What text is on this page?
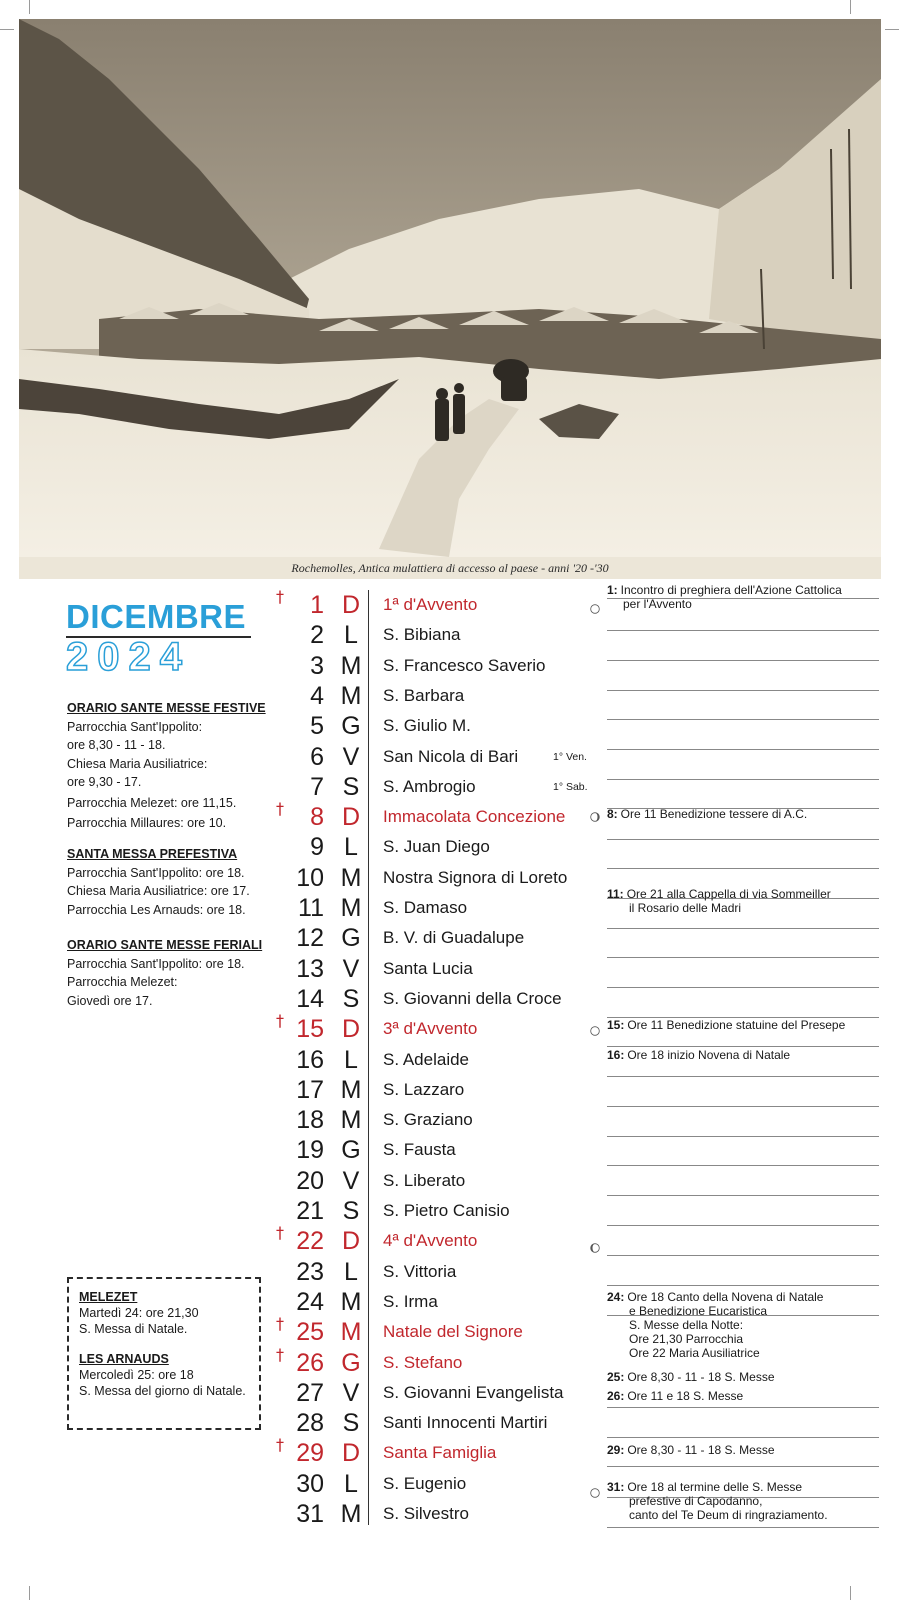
Rochemolles, Antica mulattiera di accesso al paese - anni '20 -'30
DICEMBRE
2024
ORARIO SANTE MESSE FESTIVE
Parrocchia Sant'Ippolito:
ore 8,30 - 11 - 18.
Chiesa Maria Ausiliatrice:
ore 9,30 - 17.
Parrocchia Melezet: ore 11,15.
Parrocchia Millaures: ore 10.
SANTA MESSA PREFESTIVA
Parrocchia Sant'Ippolito: ore 18.
Chiesa Maria Ausiliatrice: ore 17.
Parrocchia Les Arnauds: ore 18.
ORARIO SANTE MESSE FERIALI
Parrocchia Sant'Ippolito: ore 18.
Parrocchia Melezet:
Giovedì ore 17.
MELEZET
Martedì 24: ore 21,30
S. Messa di Natale.
LES ARNAUDS
Mercoledì 25: ore 18
S. Messa del giorno di Natale.
†	1 D	1ª d'Avvento
2 L	S. Bibiana
3 M S. Francesco Saverio
4 M S. Barbara
5 G	S. Giulio M.
6 V	San Nicola di Bari	1° Ven.
7 S	S. Ambrogio	1° Sab.
†	8 D	Immacolata Concezione
9 L	S. Juan Diego
10 M Nostra Signora di Loreto
11 M S. Damaso
12 G	B. V. di Guadalupe
13 V	Santa Lucia
14 S	S. Giovanni della Croce
† 15 D	3ª d'Avvento
16 L	S. Adelaide
17 M S. Lazzaro
18 M S. Graziano
19 G	S. Fausta
20 V	S. Liberato
21 S	S. Pietro Canisio
† 22 D	4ª d'Avvento
23 L	S. Vittoria
24 M S. Irma
† 25 M Natale del Signore
† 26 G	S. Stefano
27 V	S. Giovanni Evangelista
28 S	Santi Innocenti Martiri
† 29 D	Santa Famiglia
30 L	S. Eugenio
31 M S. Silvestro
1: Incontro di preghiera dell'Azione Cattolica
per l'Avvento
8: Ore 11 Benedizione tessere di A.C.
11: Ore 21 alla Cappella di via Sommeiller
il Rosario delle Madri
15: Ore 11 Benedizione statuine del Presepe
16: Ore 18 inizio Novena di Natale
24: Ore 18 Canto della Novena di Natale
e Benedizione Eucaristica
S. Messe della Notte:
Ore 21,30 Parrocchia
Ore 22 Maria Ausiliatrice
25: Ore 8,30 - 11 - 18 S. Messe
26: Ore 11 e 18 S. Messe
29: Ore 8,30 - 11 - 18 S. Messe
31: Ore 18 al termine delle S. Messe
prefestive di Capodanno,
canto del Te Deum di ringraziamento.
